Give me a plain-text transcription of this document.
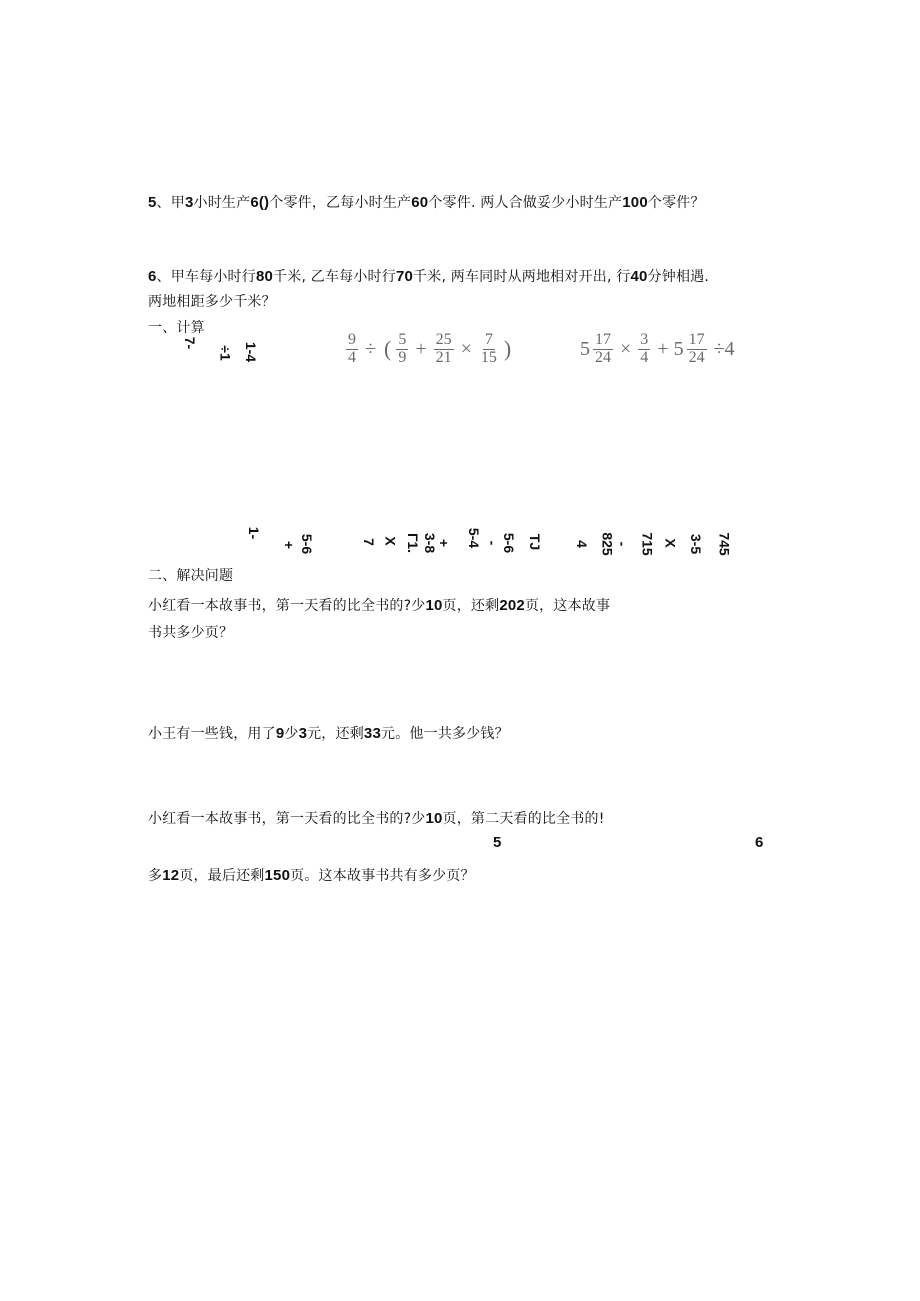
5、甲3小时生产6()个零件，乙每小时生产60个零件. 两人合做妥少小时生产100个零件？
6、甲车每小时行80千米, 乙车每小时行70千米, 两车同时从两地相对开出, 行40分钟相遇.
两地相距多少千米？
一、计算
7-
÷1 1-4	$\frac{9}{4}$ ÷ ( $\frac{5}{9} + \frac{25}{21} \times \frac{7}{15}$ )	$5 \frac{17}{24} \times \frac{3}{4} + 5 \frac{17}{24} \div 4$
1-
+ 5-6	7 X 3-8
Γ1. + 5-4 - 5-6 TJ	825
4 - 715 X 3-5 745
二、解决问题
小红看一本故事书，第一天看的比全书的?少10页，还剩202页，这本故事
书共多少页？
小王有一些钱，用了9少3元，还剩33元。他一共多少钱？
小红看一本故事书，第一天看的比全书的?少10页，第二天看的比全书的!
5	6
多12页，最后还剩150页。这本故事书共有多少页？
